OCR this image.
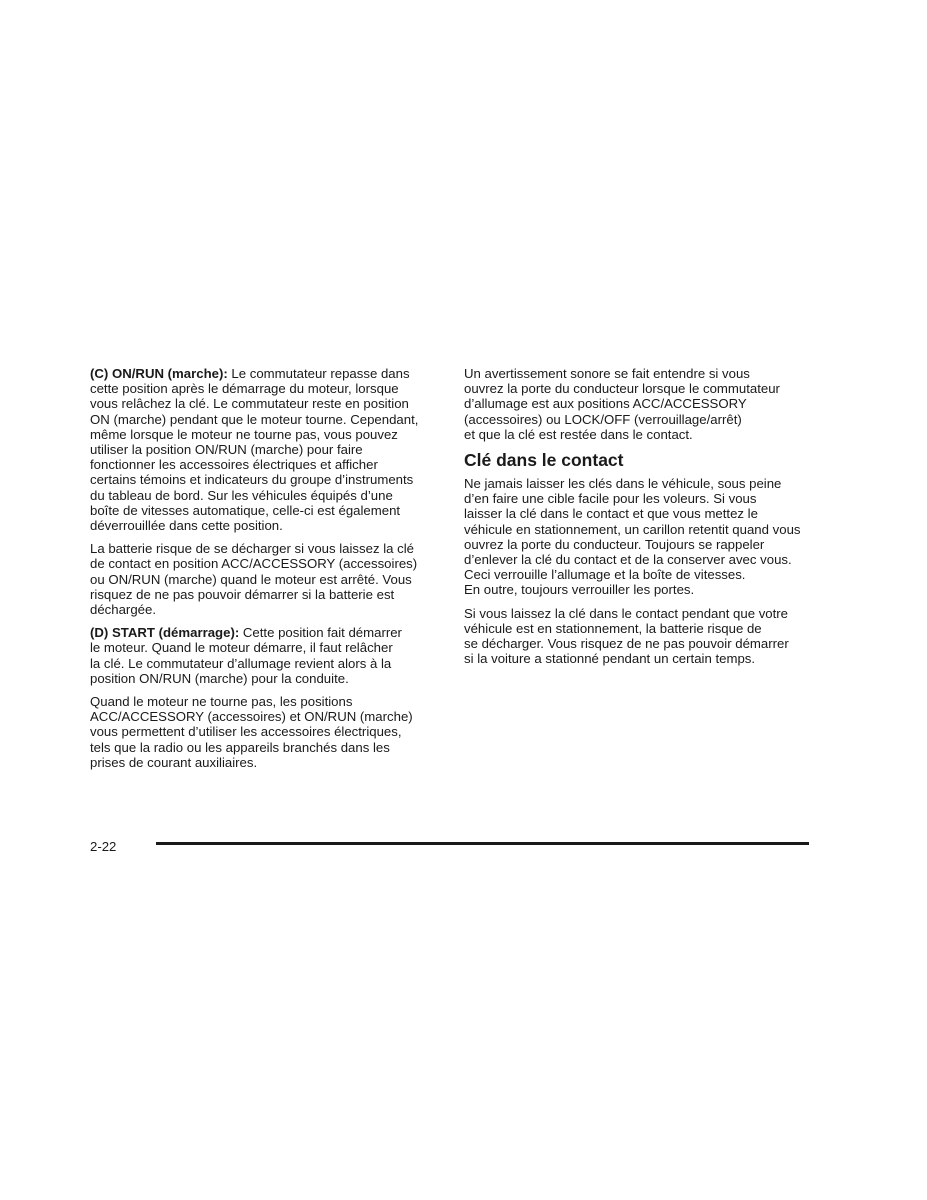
(C) ON/RUN (marche): Le commutateur repasse dans
cette position après le démarrage du moteur, lorsque
vous relâchez la clé. Le commutateur reste en position
ON (marche) pendant que le moteur tourne. Cependant,
même lorsque le moteur ne tourne pas, vous pouvez
utiliser la position ON/RUN (marche) pour faire
fonctionner les accessoires électriques et afficher
certains témoins et indicateurs du groupe d’instruments
du tableau de bord. Sur les véhicules équipés d’une
boîte de vitesses automatique, celle-ci est également
déverrouillée dans cette position.
La batterie risque de se décharger si vous laissez la clé
de contact en position ACC/ACCESSORY (accessoires)
ou ON/RUN (marche) quand le moteur est arrêté. Vous
risquez de ne pas pouvoir démarrer si la batterie est
déchargée.
(D) START (démarrage): Cette position fait démarrer
le moteur. Quand le moteur démarre, il faut relâcher
la clé. Le commutateur d’allumage revient alors à la
position ON/RUN (marche) pour la conduite.
Quand le moteur ne tourne pas, les positions
ACC/ACCESSORY (accessoires) et ON/RUN (marche)
vous permettent d’utiliser les accessoires électriques,
tels que la radio ou les appareils branchés dans les
prises de courant auxiliaires.
Un avertissement sonore se fait entendre si vous
ouvrez la porte du conducteur lorsque le commutateur
d’allumage est aux positions ACC/ACCESSORY
(accessoires) ou LOCK/OFF (verrouillage/arrêt)
et que la clé est restée dans le contact.
Clé dans le contact
Ne jamais laisser les clés dans le véhicule, sous peine
d’en faire une cible facile pour les voleurs. Si vous
laisser la clé dans le contact et que vous mettez le
véhicule en stationnement, un carillon retentit quand vous
ouvrez la porte du conducteur. Toujours se rappeler
d’enlever la clé du contact et de la conserver avec vous.
Ceci verrouille l’allumage et la boîte de vitesses.
En outre, toujours verrouiller les portes.
Si vous laissez la clé dans le contact pendant que votre
véhicule est en stationnement, la batterie risque de
se décharger. Vous risquez de ne pas pouvoir démarrer
si la voiture a stationné pendant un certain temps.
2-22
